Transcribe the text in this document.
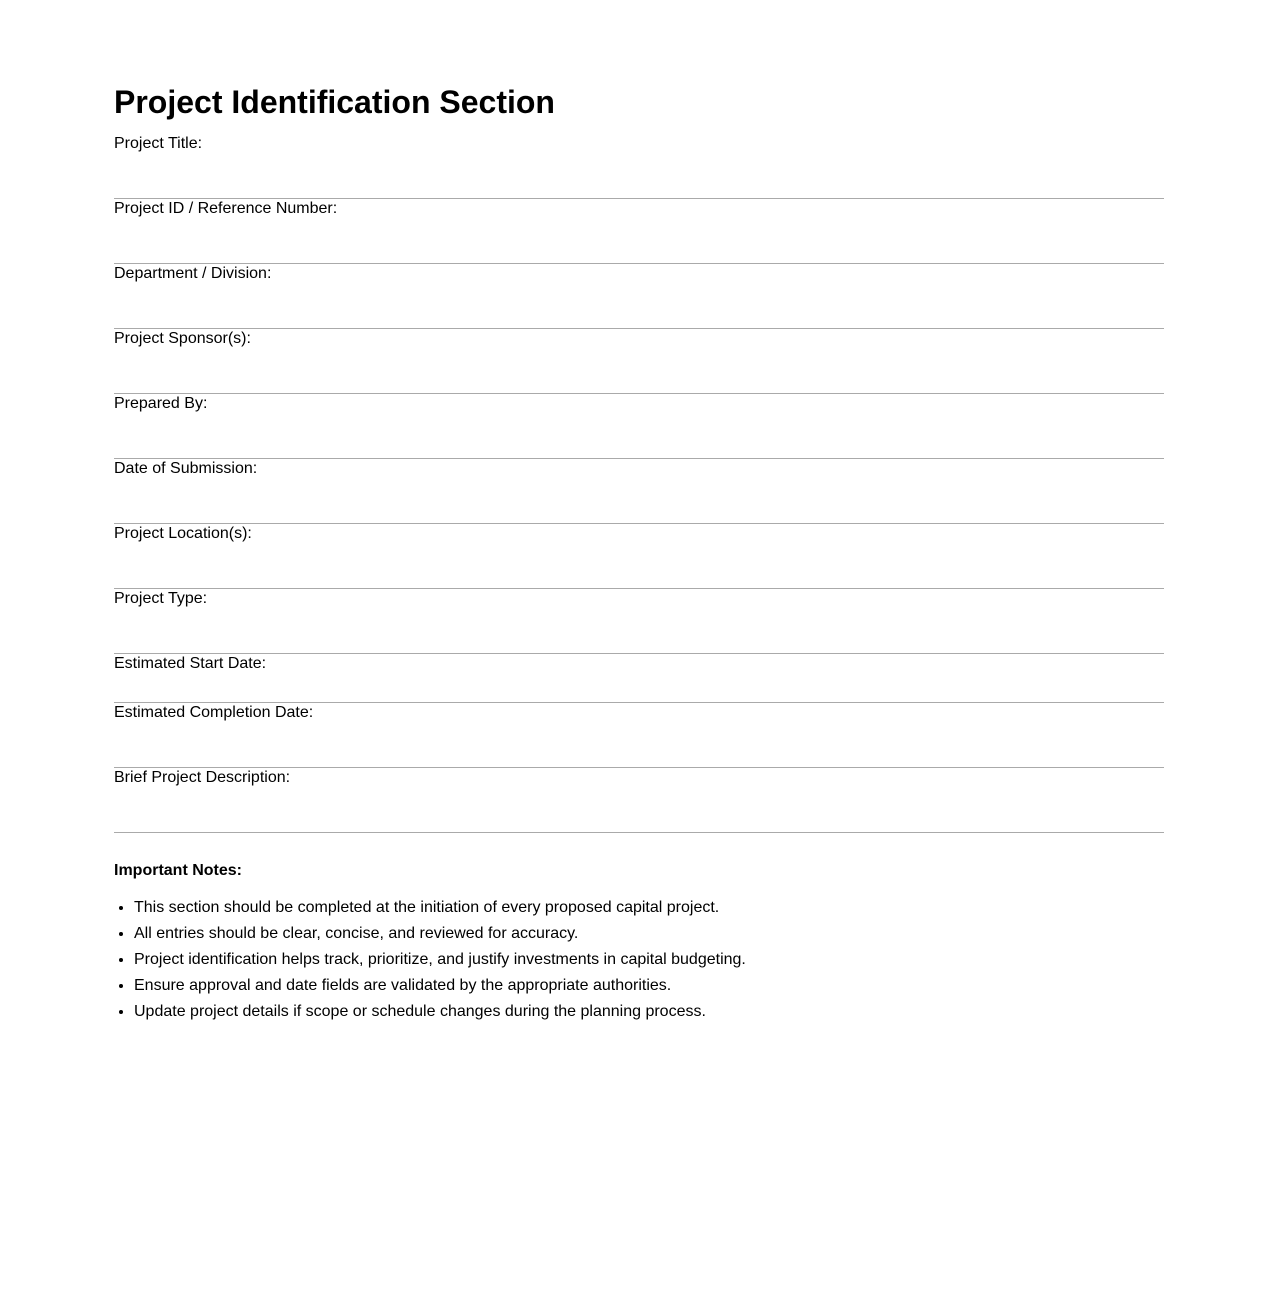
Project Identification Section
Project Title:
Project ID / Reference Number:
Department / Division:
Project Sponsor(s):
Prepared By:
Date of Submission:
Project Location(s):
Project Type:
Estimated Start Date:
Estimated Completion Date:
Brief Project Description:
Important Notes:
• This section should be completed at the initiation of every proposed capital project.
• All entries should be clear, concise, and reviewed for accuracy.
• Project identification helps track, prioritize, and justify investments in capital budgeting.
• Ensure approval and date fields are validated by the appropriate authorities.
• Update project details if scope or schedule changes during the planning process.
